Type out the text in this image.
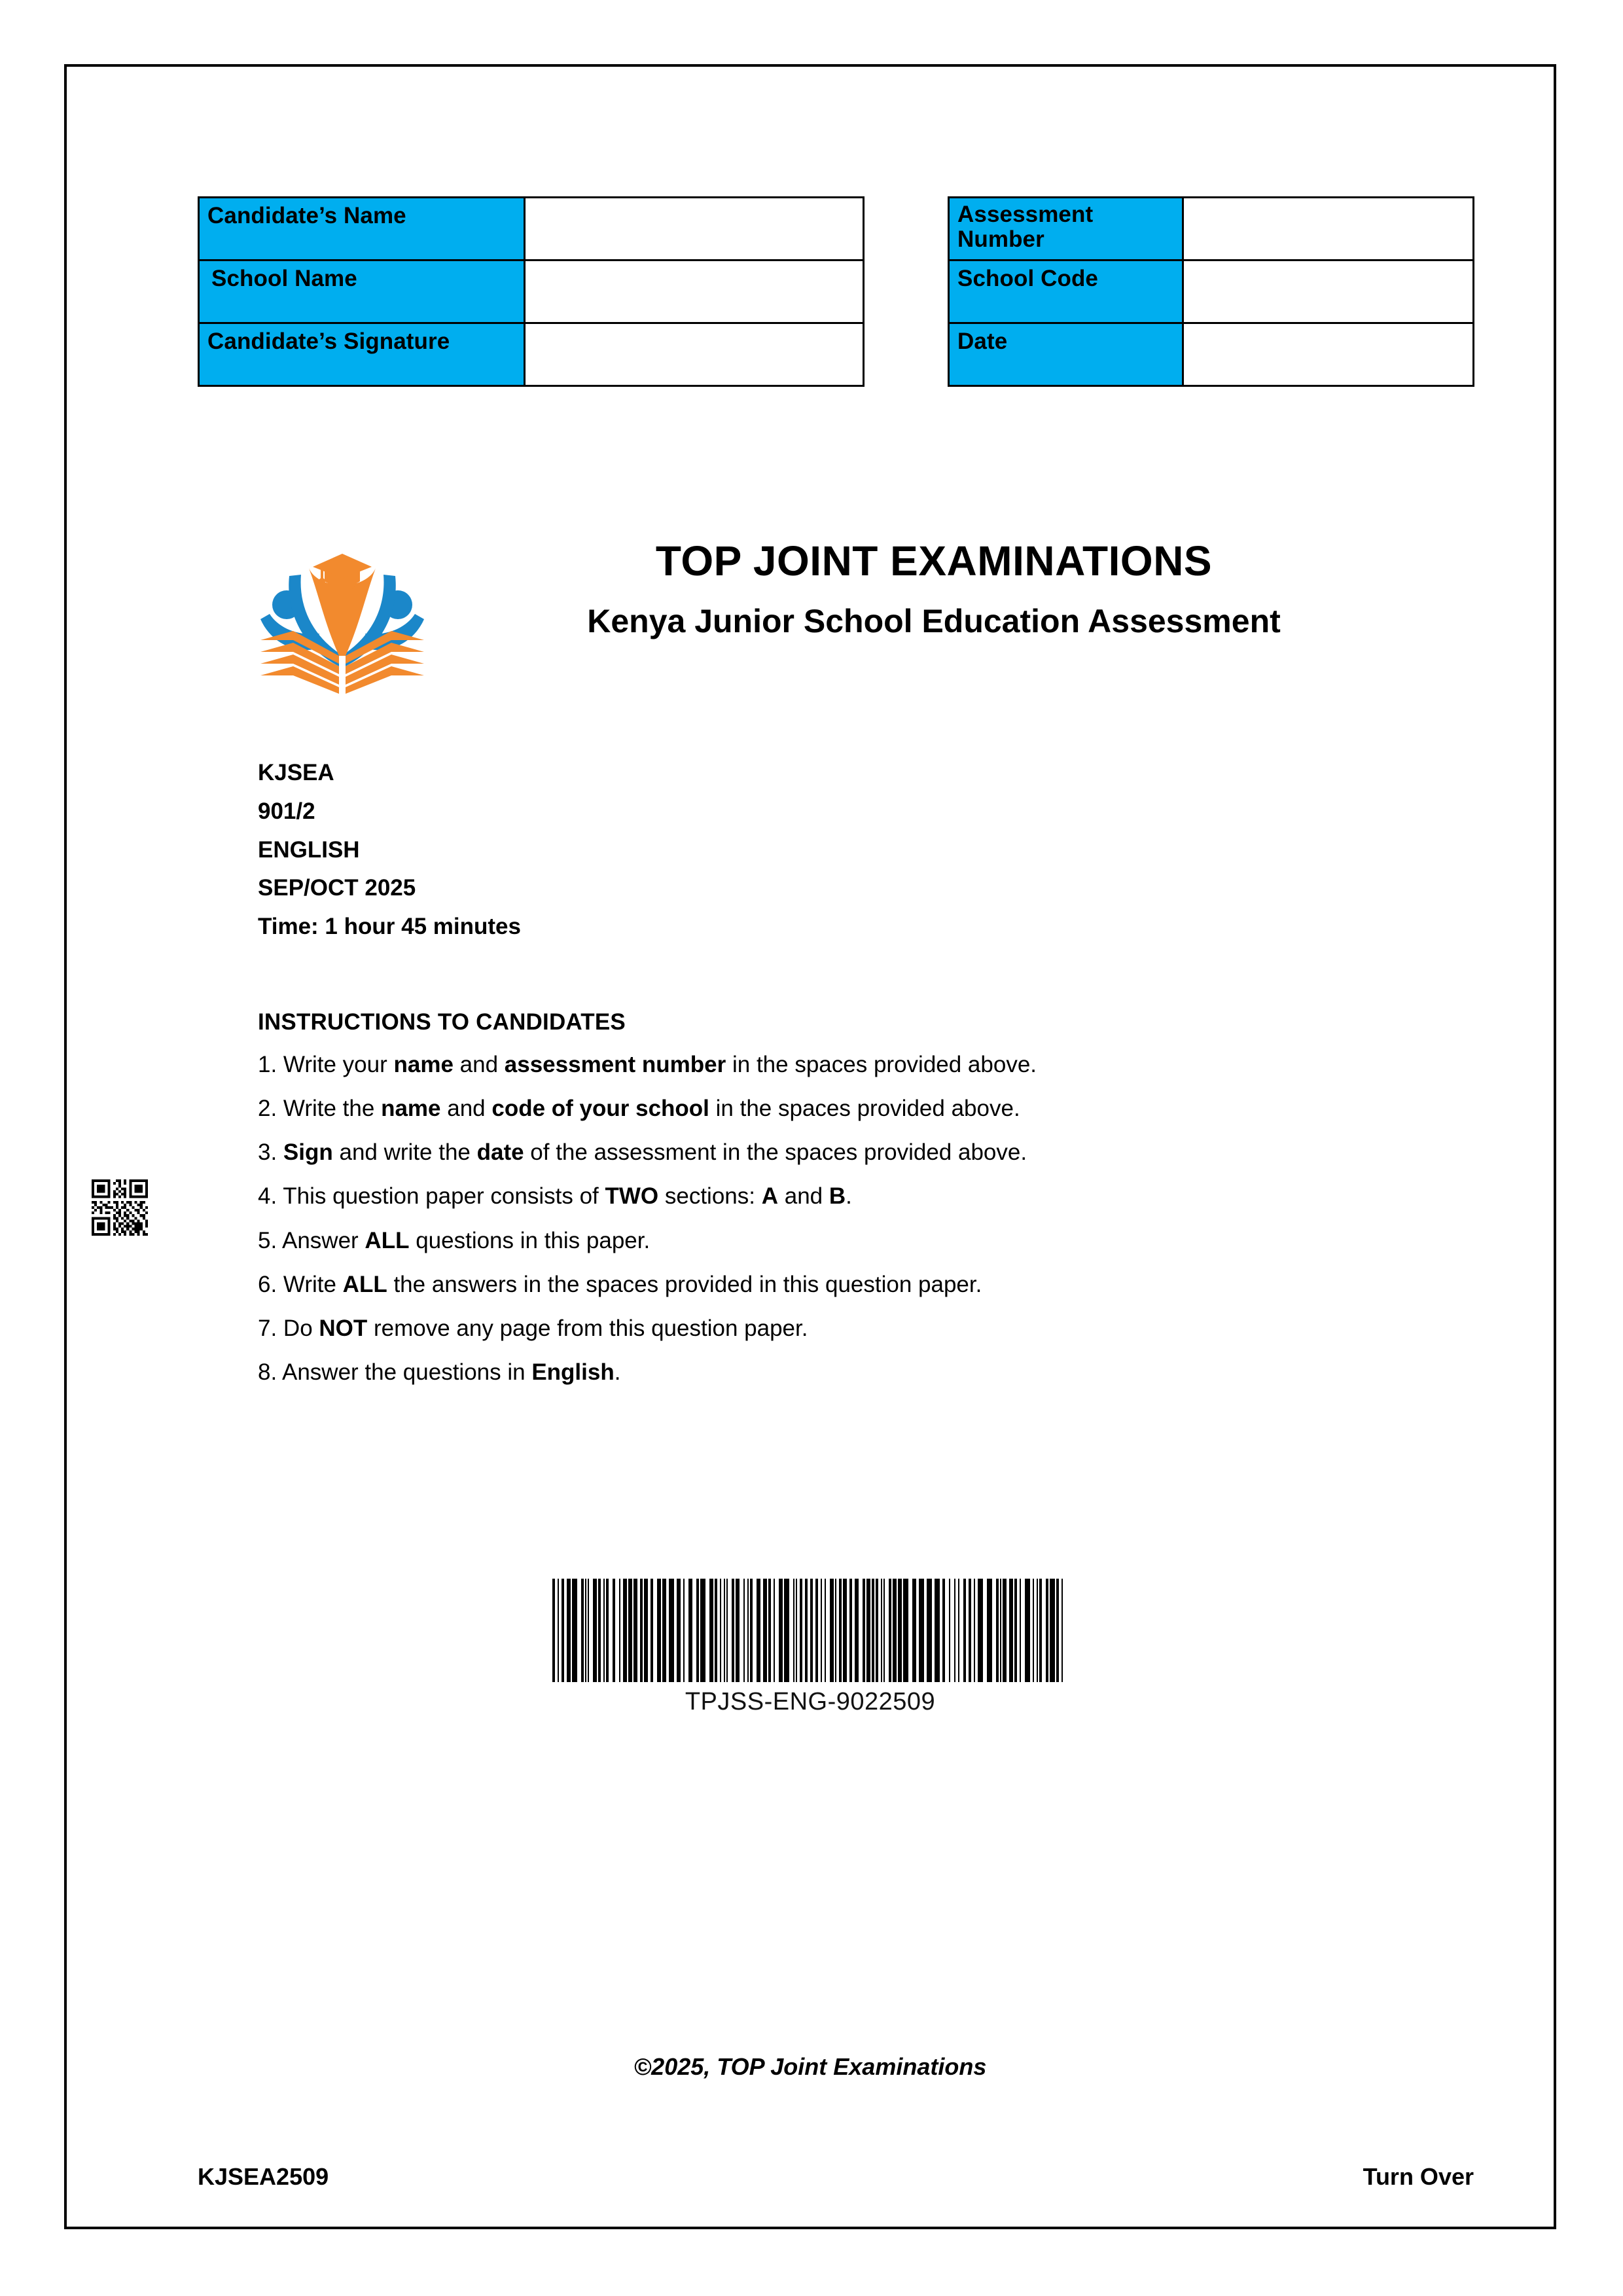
Candidate’s Name	
School Name	
Candidate’s Signature	
Assessment Number	
School Code	
Date	
TOP JOINT EXAMINATIONS
Kenya Junior School Education Assessment
KJSEA
901/2
ENGLISH
SEP/OCT 2025
Time: 1 hour 45 minutes
INSTRUCTIONS TO CANDIDATES
1. Write your name and assessment number in the spaces provided above.
2. Write the name and code of your school in the spaces provided above.
3. Sign and write the date of the assessment in the spaces provided above.
4. This question paper consists of TWO sections: A and B.
5. Answer ALL questions in this paper.
6. Write ALL the answers in the spaces provided in this question paper.
7. Do NOT remove any page from this question paper.
8. Answer the questions in English.
TPJSS-ENG-9022509
©2025, TOP Joint Examinations
KJSEA2509	Turn Over
